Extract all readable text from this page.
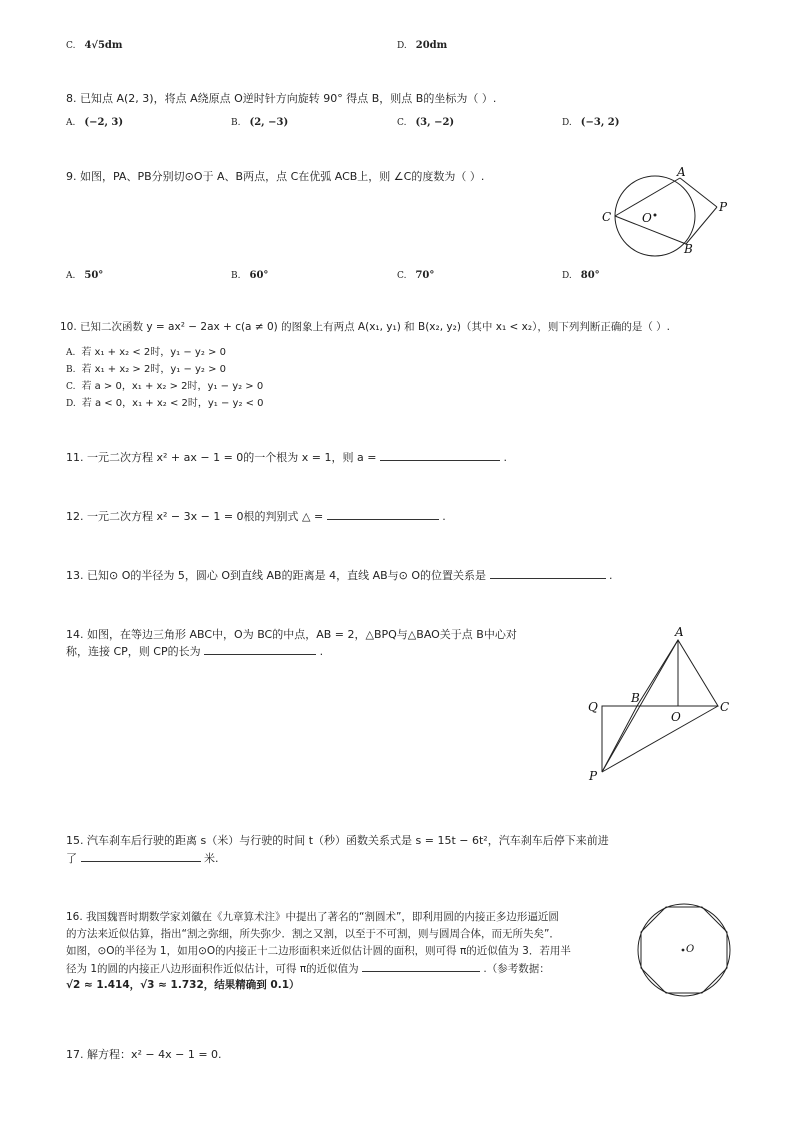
C. 4√5dm	D. 20dm
8. 已知点 A(2, 3)，将点 A绕原点 O逆时针方向旋转 90° 得点 B，则点 B的坐标为（ ）.
A. (−2, 3)	B. (2, −3)	C. (3, −2)	D. (−3, 2)
9. 如图，PA、PB分别切⊙O于 A、B两点，点 C在优弧 ACB上，则 ∠C的度数为（ ）.	A
B
C	O
P
A. 50°	B. 60°	C. 70°	D. 80°
10. 已知二次函数 y = ax² − 2ax + c(a ≠ 0) 的图象上有两点 A(x₁, y₁) 和 B(x₂, y₂)（其中 x₁ < x₂），则下列判断正确的是（ ）.
A. 若 x₁ + x₂ < 2时，y₁ − y₂ > 0
B. 若 x₁ + x₂ > 2时，y₁ − y₂ > 0
C. 若 a > 0，x₁ + x₂ > 2时，y₁ − y₂ > 0
D. 若 a < 0，x₁ + x₂ < 2时，y₁ − y₂ < 0
11. 一元二次方程 x² + ax − 1 = 0的一个根为 x = 1，则 a =	.
12. 一元二次方程 x² − 3x − 1 = 0根的判别式 △ =	.
13. 已知⊙ O的半径为 5，圆心 O到直线 AB的距离是 4，直线 AB与⊙ O的位置关系是	.
14. 如图，在等边三角形 ABC中，O为 BC的中点，AB = 2，△BPQ与△BAO关于点 B中心对
称，连接 CP，则 CP的长为	.
A
B
C
O
P
Q
15. 汽车刹车后行驶的距离 s（米）与行驶的时间 t（秒）函数关系式是 s = 15t − 6t²，汽车刹车后停下来前进
了	米.
16. 我国魏晋时期数学家刘徽在《九章算术注》中提出了著名的“割圆术”，即利用圆的内接正多边形逼近圆
的方法来近似估算，指出“割之弥细，所失弥少．割之又割，以至于不可割，则与圆周合体，而无所失矣”．
如图，⊙O的半径为 1，如用⊙O的内接正十二边形面积来近似估计圆的面积，则可得 π的近似值为 3．若用半
径为 1的圆的内接正八边形面积作近似估计，可得 π的近似值为	.（参考数据：
√2 ≈ 1.414，√3 ≈ 1.732，结果精确到 0.1）
O
17. 解方程：x² − 4x − 1 = 0.
